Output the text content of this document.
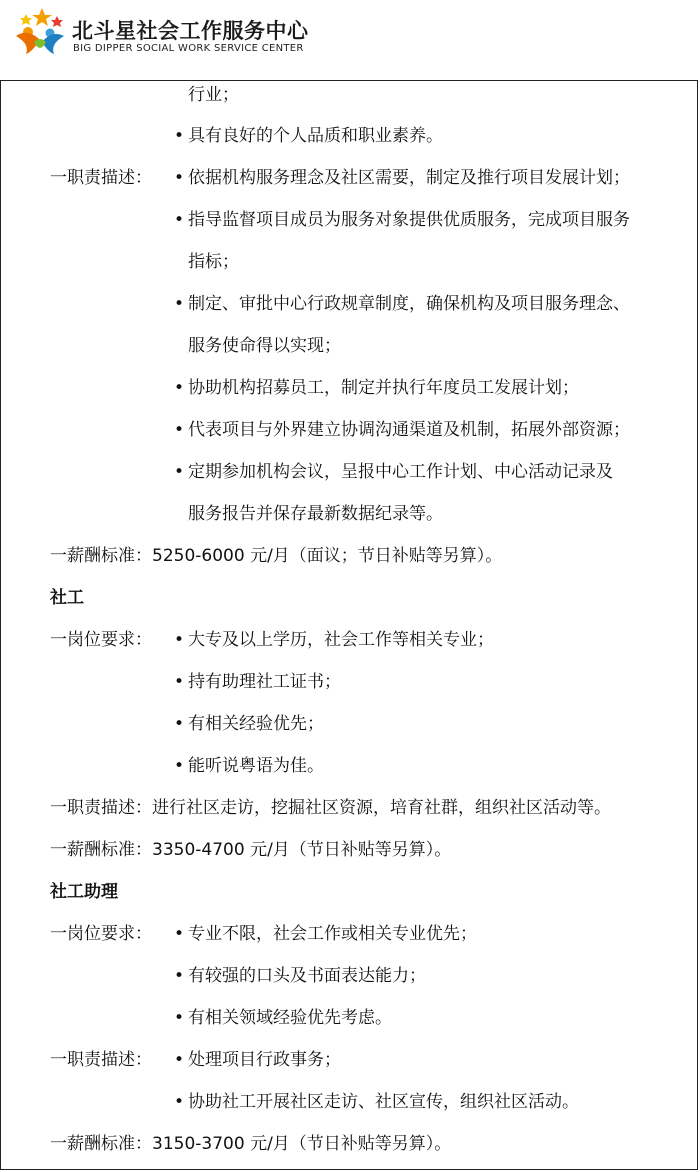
北斗星社会工作服务中心
BIG DIPPER SOCIAL WORK SERVICE CENTER
行业；
• 具有良好的个人品质和职业素养。
一职责描述： • 依据机构服务理念及社区需要，制定及推行项目发展计划；
• 指导监督项目成员为服务对象提供优质服务，完成项目服务
指标；
• 制定、审批中心行政规章制度，确保机构及项目服务理念、
服务使命得以实现；
• 协助机构招募员工，制定并执行年度员工发展计划；
• 代表项目与外界建立协调沟通渠道及机制，拓展外部资源；
• 定期参加机构会议，呈报中心工作计划、中心活动记录及
服务报告并保存最新数据纪录等。
一薪酬标准：5250-6000 元/月（面议；节日补贴等另算）。
社工
一岗位要求： • 大专及以上学历，社会工作等相关专业；
• 持有助理社工证书；
• 有相关经验优先；
• 能听说粤语为佳。
一职责描述：进行社区走访，挖掘社区资源，培育社群，组织社区活动等。
一薪酬标准：3350-4700 元/月（节日补贴等另算）。
社工助理
一岗位要求： • 专业不限，社会工作或相关专业优先；
• 有较强的口头及书面表达能力；
• 有相关领域经验优先考虑。
一职责描述： • 处理项目行政事务；
• 协助社工开展社区走访、社区宣传，组织社区活动。
一薪酬标准：3150-3700 元/月（节日补贴等另算）。
